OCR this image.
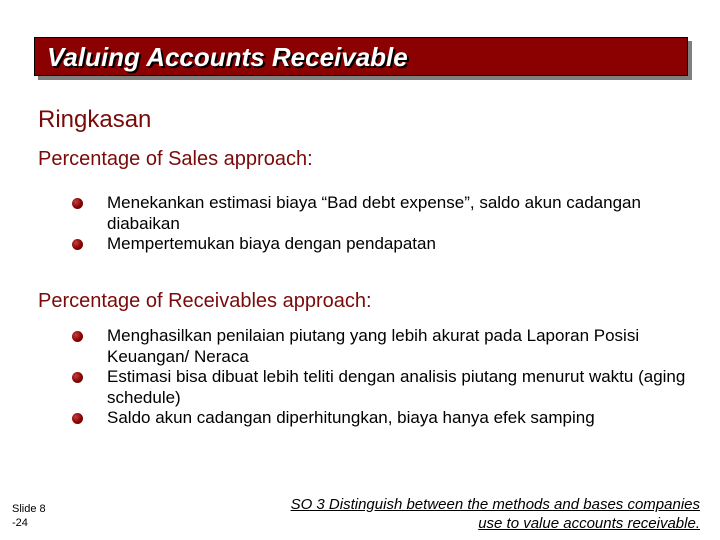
Valuing Accounts Receivable
Ringkasan
Percentage of Sales approach:
Menekankan estimasi biaya “Bad debt expense”, saldo akun cadangan diabaikan
Mempertemukan biaya dengan pendapatan
Percentage of Receivables approach:
Menghasilkan penilaian piutang yang lebih akurat pada Laporan Posisi Keuangan/ Neraca
Estimasi bisa dibuat lebih teliti dengan analisis piutang menurut waktu (aging schedule)
Saldo akun cadangan diperhitungkan, biaya hanya efek samping
Slide 8
-24
SO 3 Distinguish between the methods and bases companies use to value accounts receivable.
